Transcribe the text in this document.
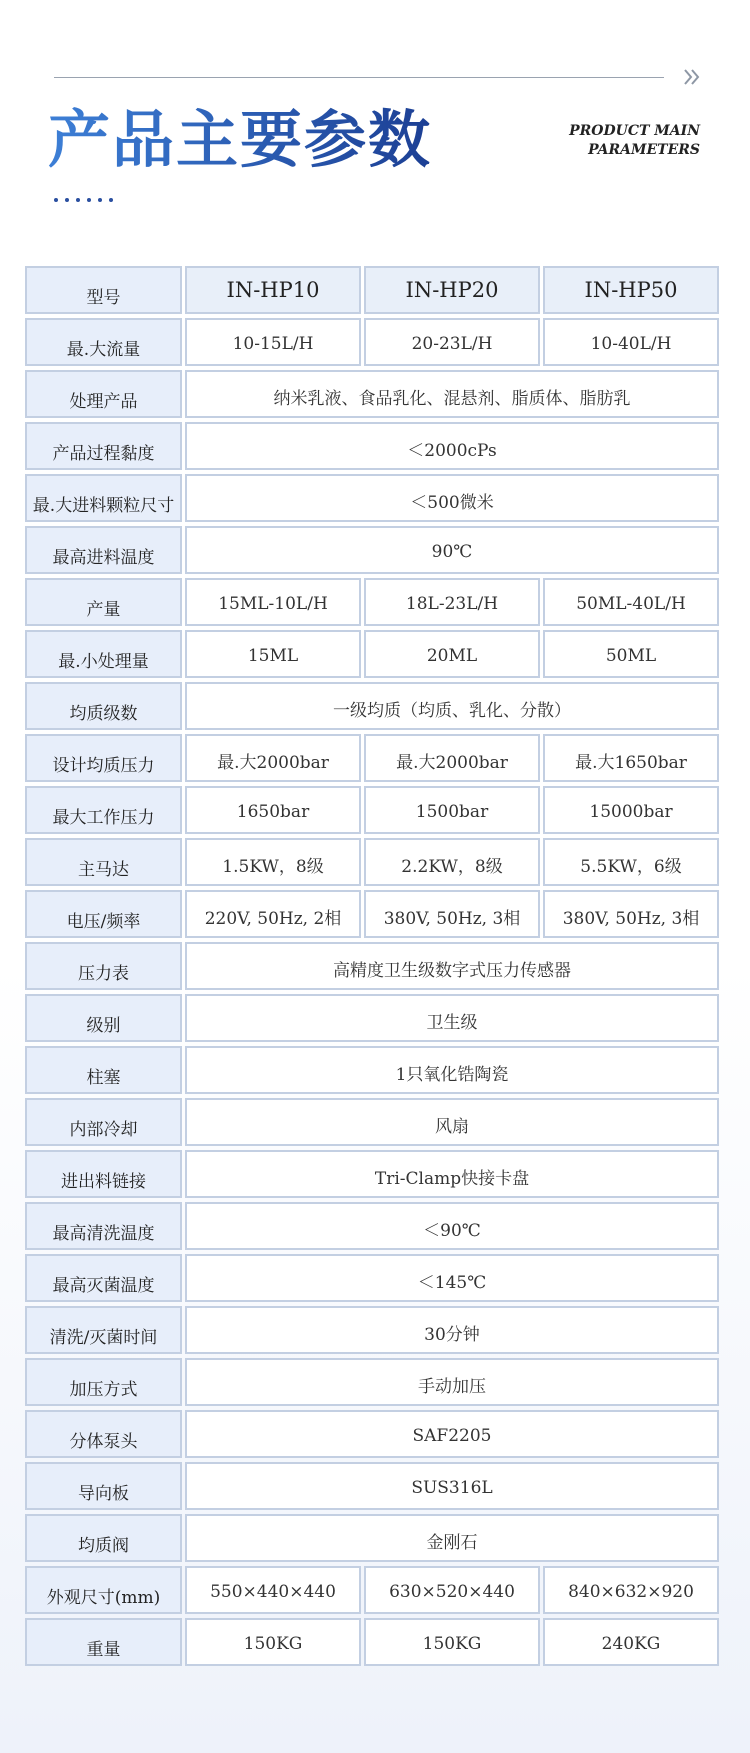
产品主要参数	PRODUCT MAIN
PARAMETERS
型号	IN-HP10	IN-HP20	IN-HP50
最.大流量	10-15L/H	20-23L/H	10-40L/H
处理产品	纳米乳液、食品乳化、混悬剂、脂质体、脂肪乳
产品过程黏度	＜2000cPs
最.大进料颗粒尺寸	＜500微米
最高进料温度	90℃
产量	15ML-10L/H	18L-23L/H	50ML-40L/H
最.小处理量	15ML	20ML	50ML
均质级数	一级均质（均质、乳化、分散）
设计均质压力	最.大2000bar	最.大2000bar	最.大1650bar
最大工作压力	1650bar	1500bar	15000bar
主马达	1.5KW，8级	2.2KW，8级	5.5KW，6级
电压/频率	220V, 50Hz, 2相	380V, 50Hz, 3相	380V, 50Hz, 3相
压力表	高精度卫生级数字式压力传感器
级别	卫生级
柱塞	1只氧化锆陶瓷
内部冷却	风扇
进出料链接	Tri-Clamp快接卡盘
最高清洗温度	＜90℃
最高灭菌温度	＜145℃
清洗/灭菌时间	30分钟
加压方式	手动加压
分体泵头	SAF2205
导向板	SUS316L
均质阀	金刚石
外观尺寸(mm)	550×440×440	630×520×440	840×632×920
重量	150KG	150KG	240KG
